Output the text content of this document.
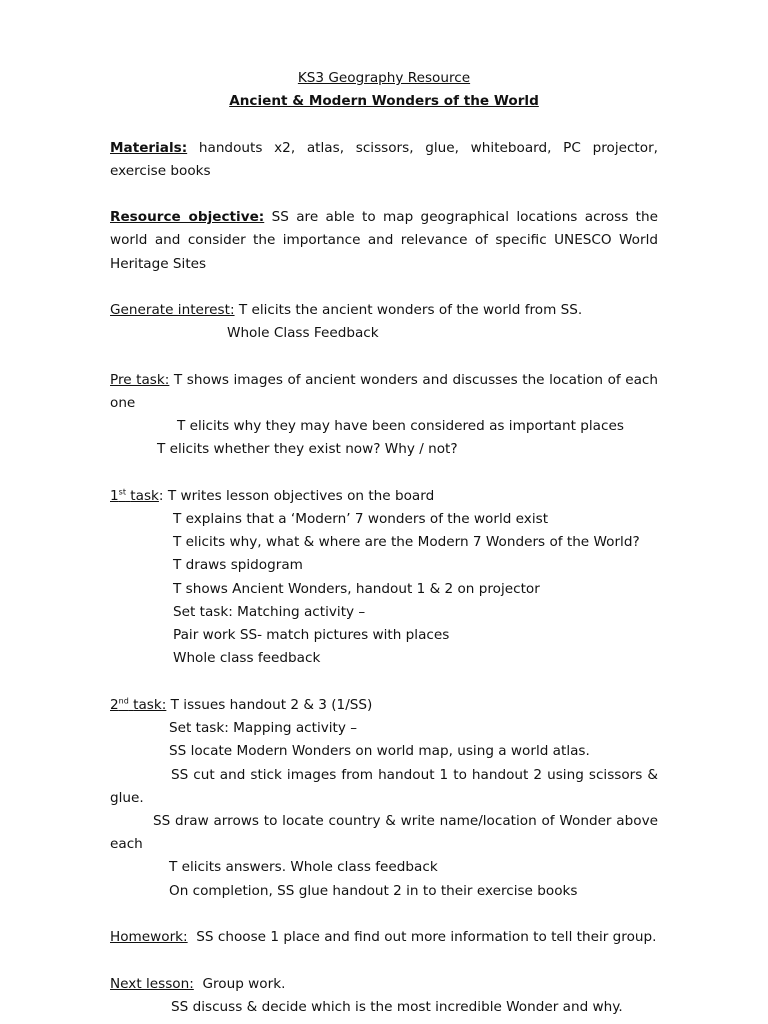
KS3 Geography Resource
Ancient & Modern Wonders of the World
Materials: handouts x2, atlas, scissors, glue, whiteboard, PC projector,
exercise books
Resource objective: SS are able to map geographical locations across the
world and consider the importance and relevance of specific UNESCO World
Heritage Sites
Generate interest: T elicits the ancient wonders of the world from SS.
Whole Class Feedback
Pre task: T shows images of ancient wonders and discusses the location of each
one
T elicits why they may have been considered as important places
T elicits whether they exist now? Why / not?
1st task: T writes lesson objectives on the board
T explains that a ‘Modern’ 7 wonders of the world exist
T elicits why, what & where are the Modern 7 Wonders of the World?
T draws spidogram
T shows Ancient Wonders, handout 1 & 2 on projector
Set task: Matching activity –
Pair work SS- match pictures with places
Whole class feedback
2nd task: T issues handout 2 & 3 (1/SS)
Set task: Mapping activity –
SS locate Modern Wonders on world map, using a world atlas.
SS cut and stick images from handout 1 to handout 2 using scissors &
glue.
SS draw arrows to locate country & write name/location of Wonder above
each
T elicits answers. Whole class feedback
On completion, SS glue handout 2 in to their exercise books
Homework: SS choose 1 place and find out more information to tell their group.
Next lesson: Group work.
SS discuss & decide which is the most incredible Wonder and why.
